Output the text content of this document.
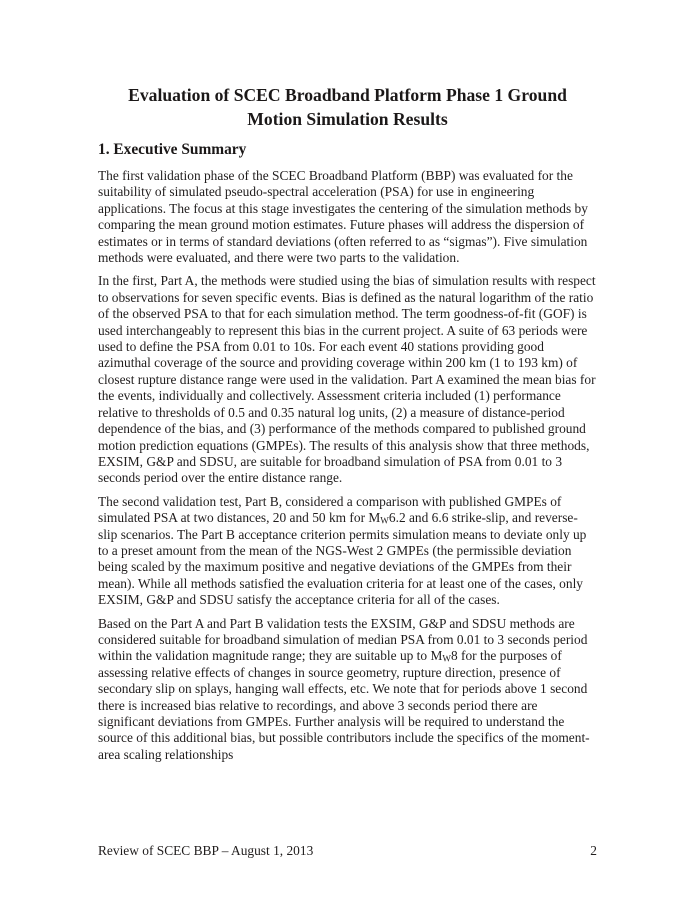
Evaluation of SCEC Broadband Platform Phase 1 Ground
Motion Simulation Results
1. Executive Summary

The first validation phase of the SCEC Broadband Platform (BBP) was evaluated for the suitability of simulated pseudo-spectral acceleration (PSA) for use in engineering applications. The focus at this stage investigates the centering of the simulation methods by comparing the mean ground motion estimates. Future phases will address the dispersion of estimates or in terms of standard deviations (often referred to as “sigmas”). Five simulation methods were evaluated, and there were two parts to the validation.

In the first, Part A, the methods were studied using the bias of simulation results with respect to observations for seven specific events. Bias is defined as the natural logarithm of the ratio of the observed PSA to that for each simulation method. The term goodness-of-fit (GOF) is used interchangeably to represent this bias in the current project. A suite of 63 periods were used to define the PSA from 0.01 to 10s. For each event 40 stations providing good azimuthal coverage of the source and providing coverage within 200 km (1 to 193 km) of closest rupture distance range were used in the validation. Part A examined the mean bias for the events, individually and collectively. Assessment criteria included (1) performance relative to thresholds of 0.5 and 0.35 natural log units, (2) a measure of distance-period dependence of the bias, and (3) performance of the methods compared to published ground motion prediction equations (GMPEs). The results of this analysis show that three methods, EXSIM, G&P and SDSU, are suitable for broadband simulation of PSA from 0.01 to 3 seconds period over the entire distance range.

The second validation test, Part B, considered a comparison with published GMPEs of simulated PSA at two distances, 20 and 50 km for $M_W6.2$ and 6.6 strike-slip, and reverse-slip scenarios. The Part B acceptance criterion permits simulation means to deviate only up to a preset amount from the mean of the NGS-West 2 GMPEs (the permissible deviation being scaled by the maximum positive and negative deviations of the GMPEs from their mean). While all methods satisfied the evaluation criteria for at least one of the cases, only EXSIM, G&P and SDSU satisfy the acceptance criteria for all of the cases.

Based on the Part A and Part B validation tests the EXSIM, G&P and SDSU methods are considered suitable for broadband simulation of median PSA from 0.01 to 3 seconds period within the validation magnitude range; they are suitable up to $M_W8$ for the purposes of assessing relative effects of changes in source geometry, rupture direction, presence of secondary slip on splays, hanging wall effects, etc. We note that for periods above 1 second there is increased bias relative to recordings, and above 3 seconds period there are significant deviations from GMPEs. Further analysis will be required to understand the source of this additional bias, but possible contributors include the specifics of the moment-area scaling relationships

Review of SCEC BBP – August 1, 2013	2
